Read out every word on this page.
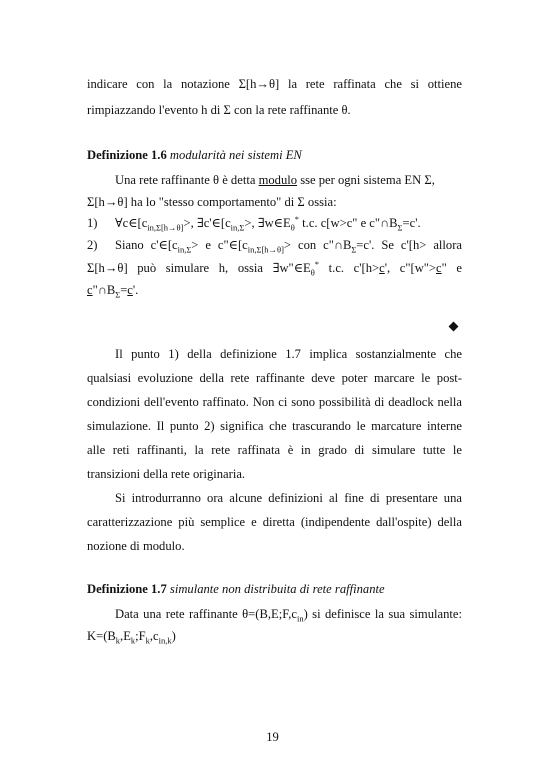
indicare con la notazione Σ[h→θ] la rete raffinata che si ottiene
rimpiazzando l'evento h di Σ con la rete raffinante θ.
Definizione 1.6 modularità nei sistemi EN
Una rete raffinante θ è detta modulo sse per ogni sistema EN Σ,
Σ[h→θ] ha lo "stesso comportamento" di Σ ossia:
1)	$\forall c\in[c_{in,\Sigma[h\to\theta]}>$, $\exists c'\in[c_{in,\Sigma}>$, $\exists w\in E_\theta^*$ t.c. c[w>c" e $c"\cap B_\Sigma=c'$.
2)	Siano $c'\in[c_{in,\Sigma}> e$ $c"\in[c_{in,\Sigma[h\to\theta]}>$ con $c"\cap B_\Sigma=c'$. Se c'[h> allora
Σ[h→θ] può simulare h, ossia $\exists w"\in E_\theta^*$ t.c. c'[h>c', c"[w">c" e
$c"\cap B_\Sigma=c'$.
Il punto 1) della definizione 1.7 implica sostanzialmente che
qualsiasi evoluzione della rete raffinante deve poter marcare le post-
condizioni dell'evento raffinato. Non ci sono possibilità di deadlock nella
simulazione. Il punto 2) significa che trascurando le marcature interne
alle reti raffinanti, la rete raffinata è in grado di simulare tutte le
transizioni della rete originaria.
Si introdurranno ora alcune definizioni al fine di presentare una
caratterizzazione più semplice e diretta (indipendente dall'ospite) della
nozione di modulo.
Definizione 1.7 simulante non distribuita di rete raffinante
Data una rete raffinante $\theta=(B,E;F,c_{in})$ si definisce la sua simulante:
$K=(B_k,E_k;F_k,c_{in,k})$
19
